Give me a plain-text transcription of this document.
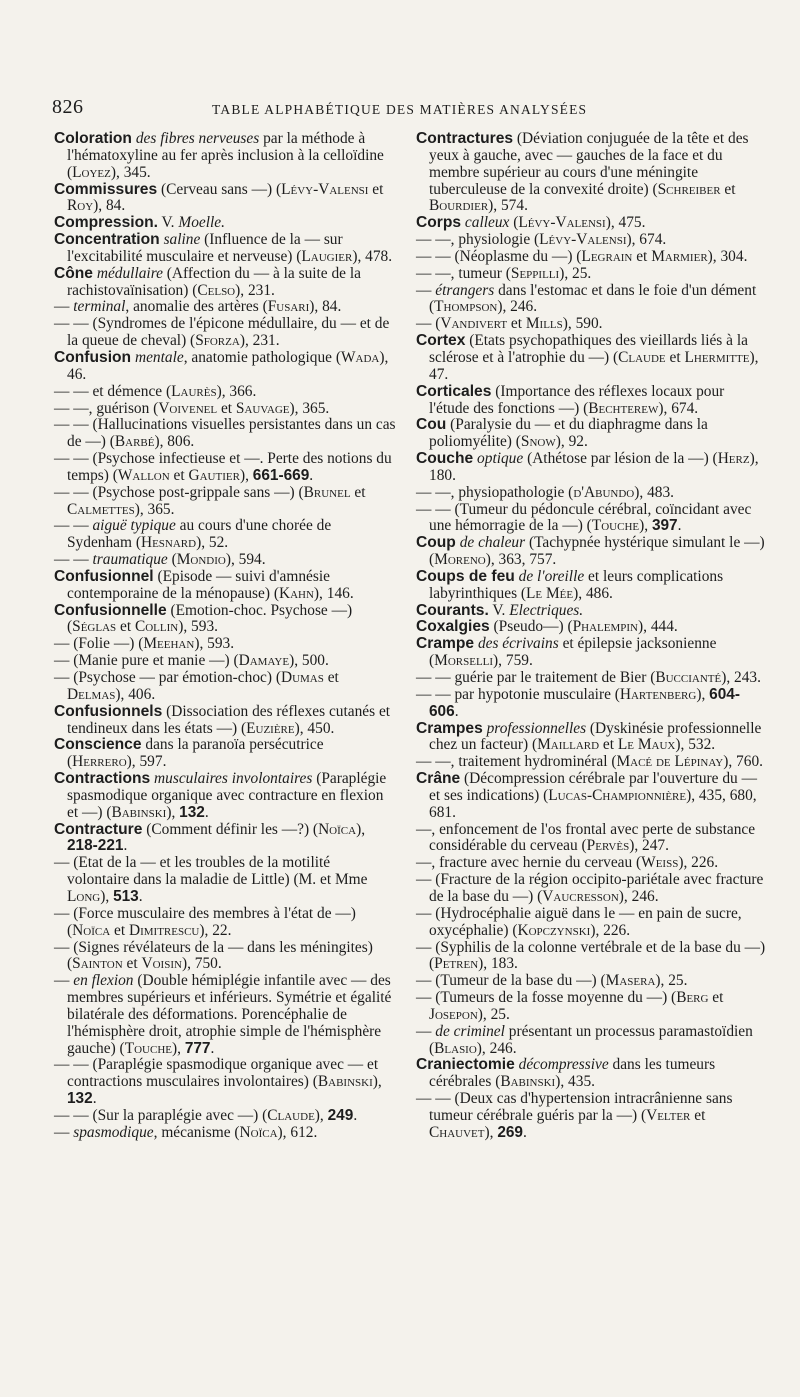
826	TABLE ALPHABÉTIQUE DES MATIÈRES ANALYSÉES

Coloration des fibres nerveuses par la méthode à l'hématoxyline au fer après inclusion à la celloïdine (Loyez), 345.

Commissures (Cerveau sans —) (Lévy-Valensi et Roy), 84.

Compression. V. Moelle.

Concentration saline (Influence de la — sur l'excitabilité musculaire et nerveuse) (Laugier), 478.

Cône médullaire (Affection du — à la suite de la rachistovaïnisation) (Celso), 231.

— terminal, anomalie des artères (Fusari), 84.

— — (Syndromes de l'épicone médullaire, du — et de la queue de cheval) (Sforza), 231.

Confusion mentale, anatomie pathologique (Wada), 46.

— — et démence (Laurès), 366.

— —, guérison (Voivenel et Sauvage), 365.

— — (Hallucinations visuelles persistantes dans un cas de —) (Barbé), 806.

— — (Psychose infectieuse et —. Perte des notions du temps) (Wallon et Gautier), 661-669.

— — (Psychose post-grippale sans —) (Brunel et Calmettes), 365.

— — aiguë typique au cours d'une chorée de Sydenham (Hesnard), 52.

— — traumatique (Mondio), 594.

Confusionnel (Episode — suivi d'amnésie contemporaine de la ménopause) (Kahn), 146.

Confusionnelle (Emotion-choc. Psychose —) (Séglas et Collin), 593.

— (Folie —) (Meehan), 593.

— (Manie pure et manie —) (Damaye), 500.

— (Psychose — par émotion-choc) (Dumas et Delmas), 406.

Confusionnels (Dissociation des réflexes cutanés et tendineux dans les états —) (Euzière), 450.

Conscience dans la paranoïa persécutrice (Herrero), 597.

Contractions musculaires involontaires (Paraplégie spasmodique organique avec contracture en flexion et —) (Babinski), 132.

Contracture (Comment définir les —?) (Noïca), 218-221.

— (Etat de la — et les troubles de la motilité volontaire dans la maladie de Little) (M. et Mme Long), 513.

— (Force musculaire des membres à l'état de —) (Noïca et Dimitrescu), 22.

— (Signes révélateurs de la — dans les méningites) (Sainton et Voisin), 750.

— en flexion (Double hémiplégie infantile avec — des membres supérieurs et inférieurs. Symétrie et égalité bilatérale des déformations. Porencéphalie de l'hémisphère droit, atrophie simple de l'hémisphère gauche) (Touche), 777.

— — (Paraplégie spasmodique organique avec — et contractions musculaires involontaires) (Babinski), 132.

— — (Sur la paraplégie avec —) (Claude), 249.

— spasmodique, mécanisme (Noïca), 612.

Contractures (Déviation conjuguée de la tête et des yeux à gauche, avec — gauches de la face et du membre supérieur au cours d'une méningite tuberculeuse de la convexité droite) (Schreiber et Bourdier), 574.

Corps calleux (Lévy-Valensi), 475.

— —, physiologie (Lévy-Valensi), 674.

— — (Néoplasme du —) (Legrain et Marmier), 304.

— —, tumeur (Seppilli), 25.

— étrangers dans l'estomac et dans le foie d'un dément (Thompson), 246.

— (Vandivert et Mills), 590.

Cortex (Etats psychopathiques des vieillards liés à la sclérose et à l'atrophie du —) (Claude et Lhermitte), 47.

Corticales (Importance des réflexes locaux pour l'étude des fonctions —) (Bechterew), 674.

Cou (Paralysie du — et du diaphragme dans la poliomyélite) (Snow), 92.

Couche optique (Athétose par lésion de la —) (Herz), 180.

— —, physiopathologie (d'Abundo), 483.

— — (Tumeur du pédoncule cérébral, coïncidant avec une hémorragie de la —) (Touche), 397.

Coup de chaleur (Tachypnée hystérique simulant le —) (Moreno), 363, 757.

Coups de feu de l'oreille et leurs complications labyrinthiques (Le Mée), 486.

Courants. V. Electriques.

Coxalgies (Pseudo—) (Phalempin), 444.

Crampe des écrivains et épilepsie jacksonienne (Morselli), 759.

— — guérie par le traitement de Bier (Buccianté), 243.

— — par hypotonie musculaire (Hartenberg), 604-606.

Crampes professionnelles (Dyskinésie professionnelle chez un facteur) (Maillard et Le Maux), 532.

— —, traitement hydrominéral (Macé de Lépinay), 760.

Crâne (Décompression cérébrale par l'ouverture du — et ses indications) (Lucas-Championnière), 435, 680, 681.

—, enfoncement de l'os frontal avec perte de substance considérable du cerveau (Pervès), 247.

—, fracture avec hernie du cerveau (Weiss), 226.

— (Fracture de la région occipito-pariétale avec fracture de la base du —) (Vaucresson), 246.

— (Hydrocéphalie aiguë dans le — en pain de sucre, oxycéphalie) (Kopczynski), 226.

— (Syphilis de la colonne vertébrale et de la base du —) (Petren), 183.

— (Tumeur de la base du —) (Masera), 25.

— (Tumeurs de la fosse moyenne du —) (Berg et Josepon), 25.

— de criminel présentant un processus paramastoïdien (Blasio), 246.

Craniectomie décompressive dans les tumeurs cérébrales (Babinski), 435.

— — (Deux cas d'hypertension intracrânienne sans tumeur cérébrale guéris par la —) (Velter et Chauvet), 269.
